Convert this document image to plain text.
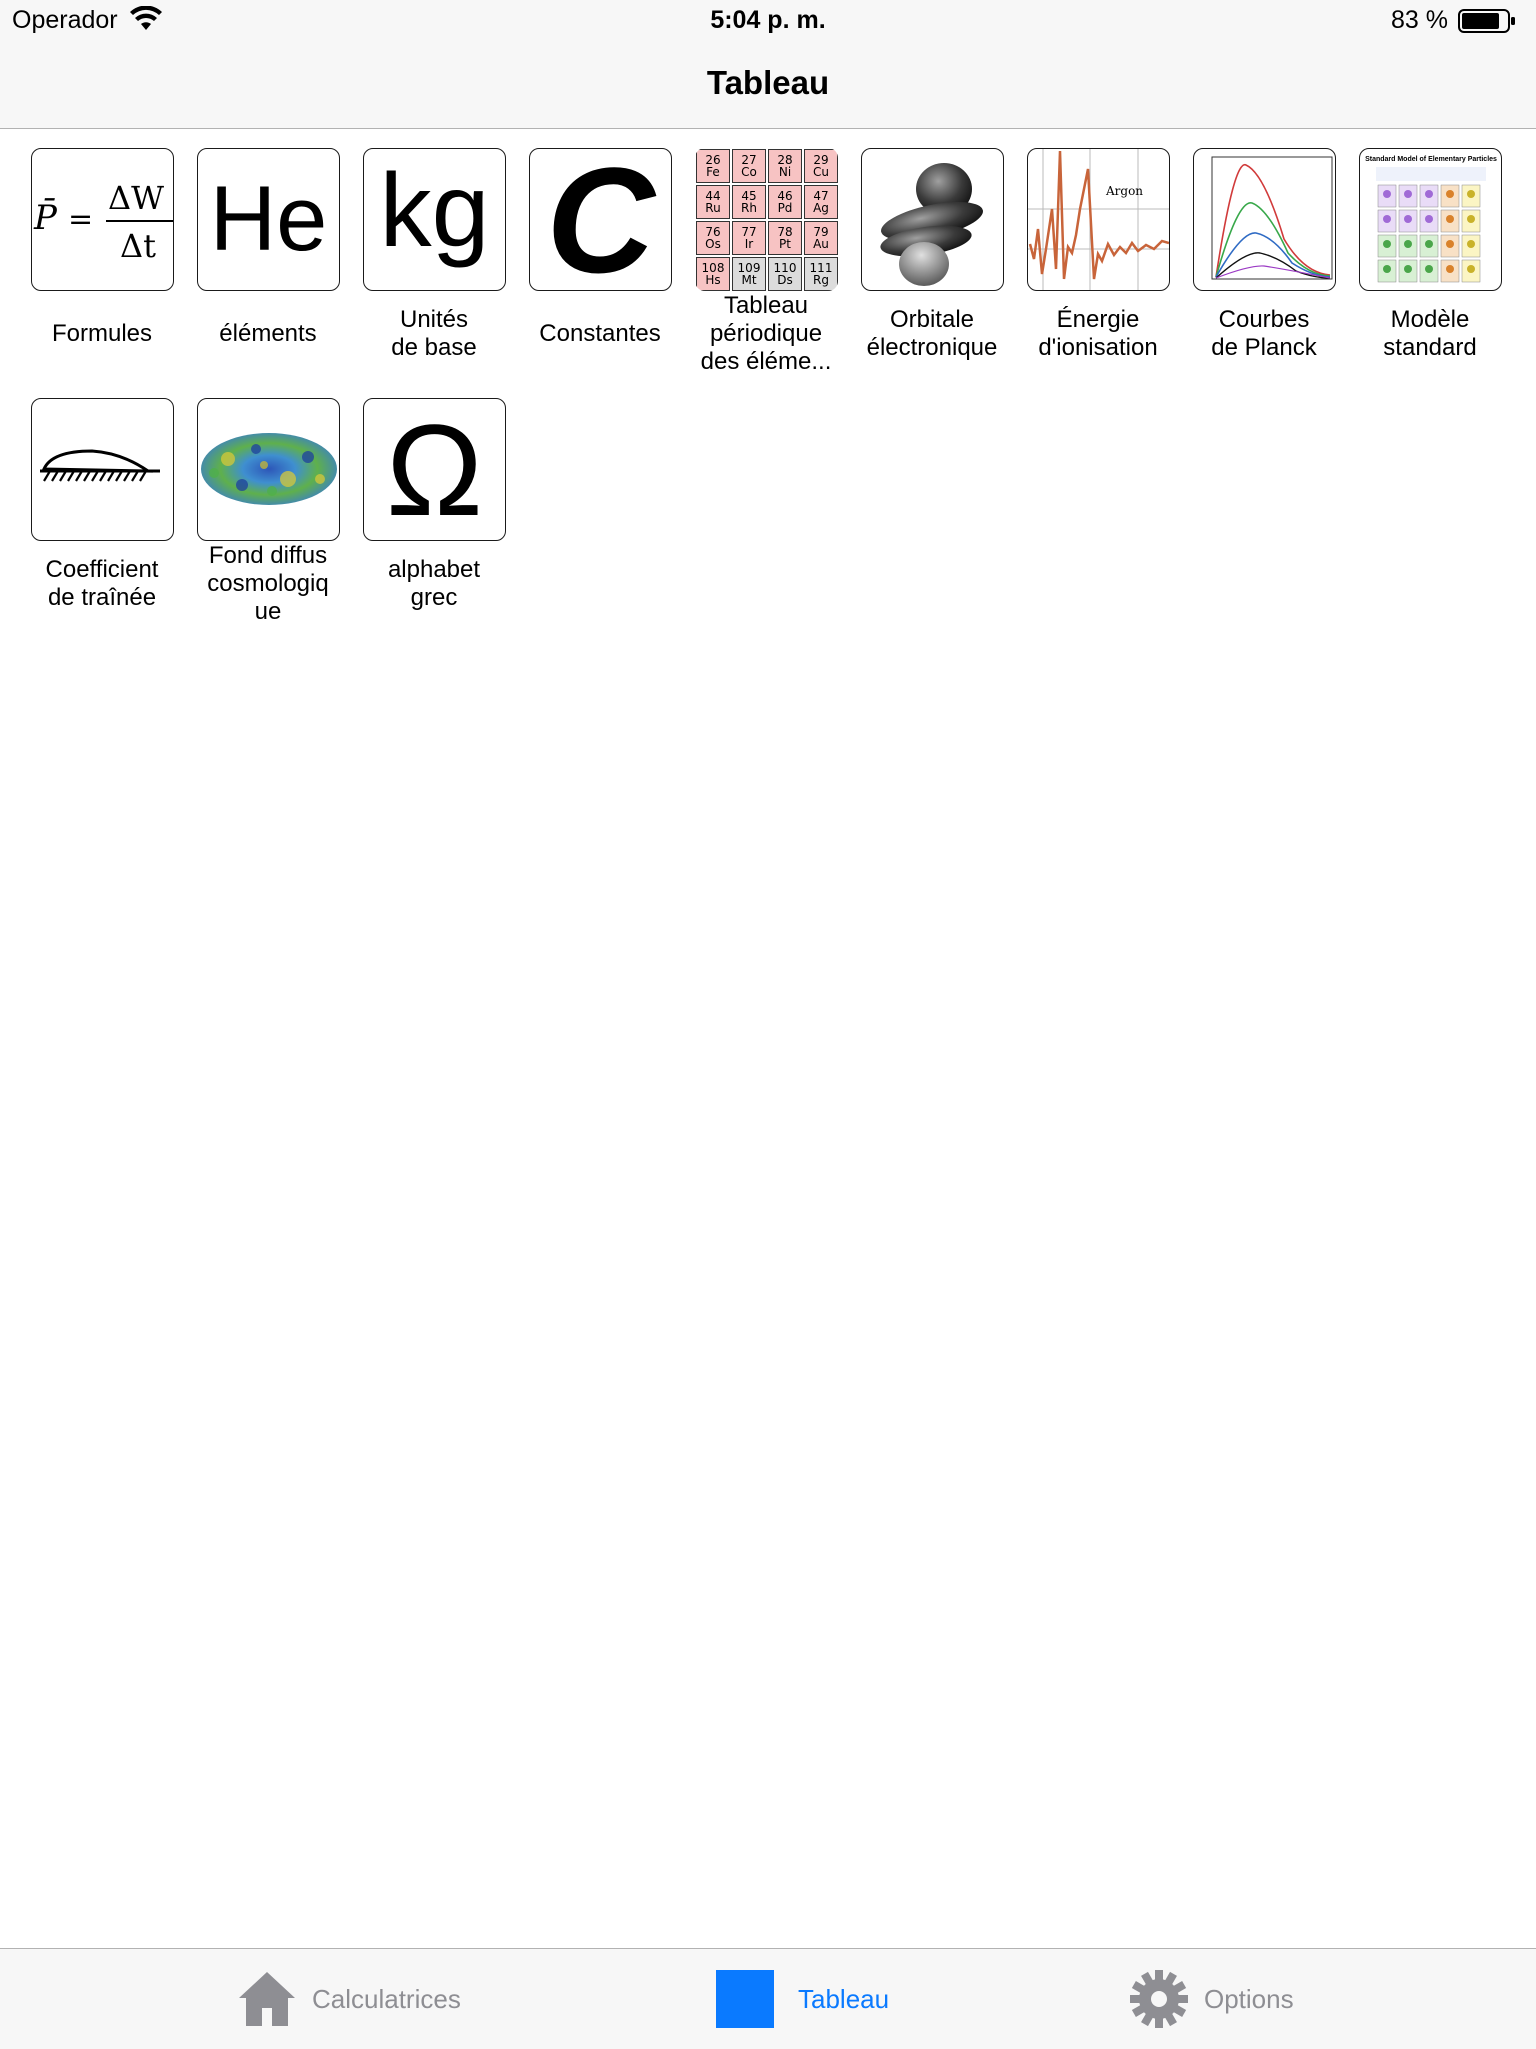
Operador	5:04 p. m.	83 %
Tableau
P̄ =
ΔW
Δt
Formules
He
éléments
kg
Unités
de base
C
Constantes
26
Fe
27
Co
28
Ni
29
Cu
44
Ru
45
Rh
46
Pd
47
Ag
76
Os
77
Ir
78
Pt
79
Au
108
Hs
109
Mt
110
Ds
111
Rg
Tableau
périodique
des éléme...
Orbitale
électronique
Argon
Énergie
d'ionisation
Courbes
de Planck
Standard Model of Elementary Particles
Modèle
standard
Coefficient
de traînée
Fond diffus
cosmologiq
ue
Ω
alphabet
grec
Calculatrices	Tableau	Options
